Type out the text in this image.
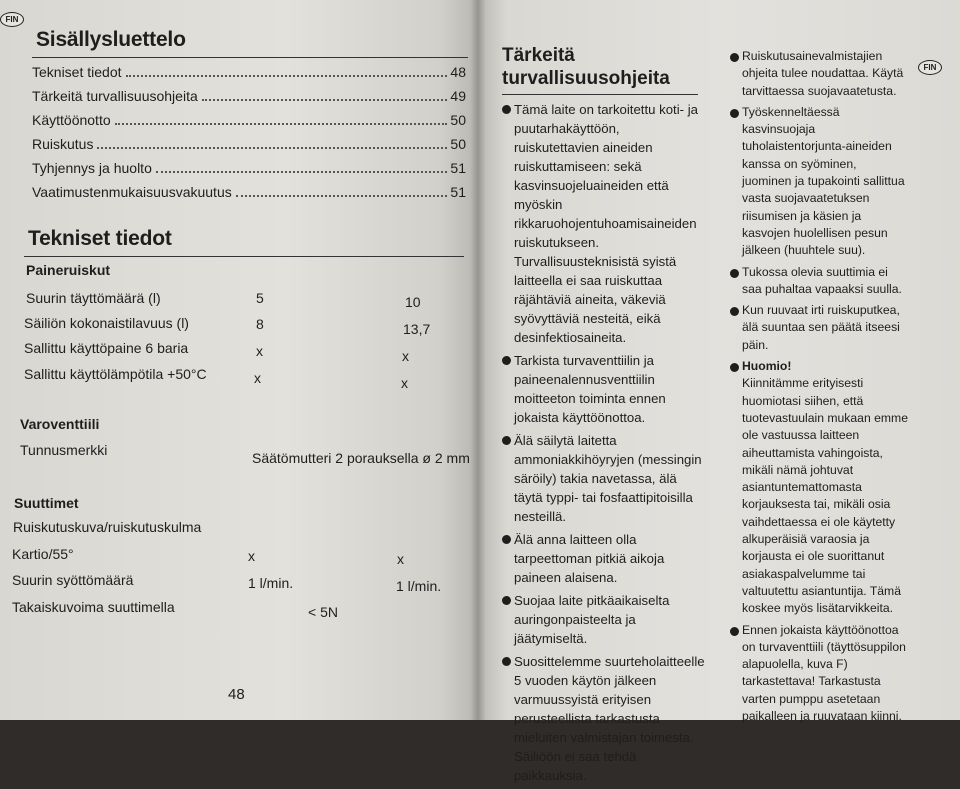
FIN
Sisällysluettelo
Tekniset tiedot	48
Tärkeitä turvallisuusohjeita	49
Käyttöönotto	50
Ruiskutus	50
Tyhjennys ja huolto	51
Vaatimustenmukaisuusvakuutus	51
Tekniset tiedot
Paineruiskut
Suurin täyttömäärä (l)	5	10
Säiliön kokonaistilavuus (l)	8	13,7
Sallittu käyttöpaine 6 baria	x	x
Sallittu käyttölämpötila +50°C	x	x
Varoventtiili
Tunnusmerkki	Säätömutteri 2 porauksella ø 2 mm
Suuttimet
Ruiskutuskuva/ruiskutuskulma
Kartio/55°	x	x
Suurin syöttömäärä	1 l/min.	1 l/min.
Takaiskuvoima suuttimella	< 5N
48
Tärkeitä
turvallisuusohjeita
Tämä laite on tarkoitettu koti- ja puutarhakäyttöön, ruiskutettavien aineiden ruiskuttamiseen: sekä kasvinsuojeluaineiden että myöskin rikkaruohojentuhoamisaineiden ruiskutukseen. Turvallisuusteknisistä syistä laitteella ei saa ruiskuttaa räjähtäviä aineita, väkeviä syövyttäviä nesteitä, eikä desinfektiosaineita.
Tarkista turvaventtiilin ja paineenalennusventtiilin moitteeton toiminta ennen jokaista käyttöönottoa.
Älä säilytä laitetta ammoniakkihöyryjen (messingin säröily) takia navetassa, älä täytä typpi- tai fosfaattipitoisilla nesteillä.
Älä anna laitteen olla tarpeettoman pitkiä aikoja paineen alaisena.
Suojaa laite pitkäaikaiselta auringonpaisteelta ja jäätymiseltä.
Suosittelemme suurteholaitteelle 5 vuoden käytön jälkeen varmuussyistä erityisen perusteellista tarkastusta mieluiten valmistajan toimesta. Säiliöön ei saa tehdä paikkauksia.
Ruiskutusainevalmistajien ohjeita tulee noudattaa. Käytä tarvittaessa suojavaatetusta.
Työskenneltäessä kasvinsuojaja tuholaistentorjunta-aineiden kanssa on syöminen, juominen ja tupakointi sallittua vasta suojavaatetuksen riisumisen ja käsien ja kasvojen huolellisen pesun jälkeen (huuhtele suu).
Tukossa olevia suuttimia ei saa puhaltaa vapaaksi suulla.
Kun ruuvaat irti ruiskuputkea, älä suuntaa sen päätä itseesi päin.
Huomio!
Kiinnitämme erityisesti huomiotasi siihen, että tuotevastuulain mukaan emme ole vastuussa laitteen aiheuttamista vahingoista, mikäli nämä johtuvat asiantuntemattomasta korjauksesta tai, mikäli osia vaihdettaessa ei ole käytetty alkuperäisiä varaosia ja korjausta ei ole suorittanut asiakaspalvelumme tai valtuutettu asiantuntija. Tämä koskee myös lisätarvikkeita.
Ennen jokaista käyttöönottoa on turvaventtiili (täyttösuppilon alapuolella, kuva F) tarkastettava! Tarkastusta varten pumppu asetetaan paikalleen ja ruuvataan kiinni.
FIN
